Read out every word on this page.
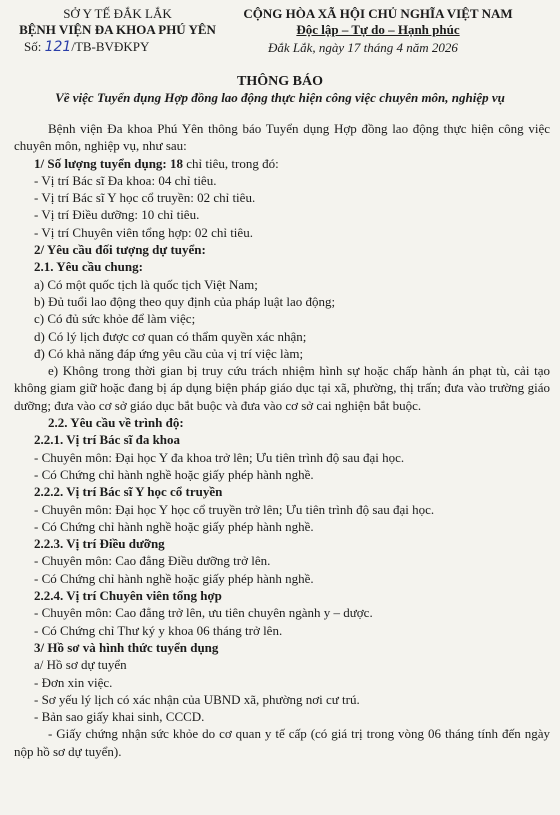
SỞ Y TẾ ĐẮK LẮK
BỆNH VIỆN ĐA KHOA PHÚ YÊN
Số: 121/TB-BVĐKPY
CỘNG HÒA XÃ HỘI CHỦ NGHĨA VIỆT NAM
Độc lập – Tự do – Hạnh phúc
Đắk Lắk, ngày 17 tháng 4 năm 2026
THÔNG BÁO
Về việc Tuyển dụng Hợp đồng lao động thực hiện công việc chuyên môn, nghiệp vụ

Bệnh viện Đa khoa Phú Yên thông báo Tuyển dụng Hợp đồng lao động thực hiện công việc chuyên môn, nghiệp vụ, như sau:

1/ Số lượng tuyển dụng: 18 chỉ tiêu, trong đó:

- Vị trí Bác sĩ Đa khoa: 04 chỉ tiêu.

- Vị trí Bác sĩ Y học cổ truyền: 02 chỉ tiêu.

- Vị trí Điều dưỡng: 10 chỉ tiêu.

- Vị trí Chuyên viên tổng hợp: 02 chỉ tiêu.

2/ Yêu cầu đối tượng dự tuyển:

2.1. Yêu cầu chung:

a) Có một quốc tịch là quốc tịch Việt Nam;

b) Đủ tuổi lao động theo quy định của pháp luật lao động;

c) Có đủ sức khỏe để làm việc;

d) Có lý lịch được cơ quan có thẩm quyền xác nhận;

đ) Có khả năng đáp ứng yêu cầu của vị trí việc làm;

e) Không trong thời gian bị truy cứu trách nhiệm hình sự hoặc chấp hành án phạt tù, cải tạo không giam giữ hoặc đang bị áp dụng biện pháp giáo dục tại xã, phường, thị trấn; đưa vào trường giáo dưỡng; đưa vào cơ sở giáo dục bắt buộc và đưa vào cơ sở cai nghiện bắt buộc.

2.2. Yêu cầu về trình độ:

2.2.1. Vị trí Bác sĩ đa khoa

- Chuyên môn: Đại học Y đa khoa trở lên; Ưu tiên trình độ sau đại học.

- Có Chứng chỉ hành nghề hoặc giấy phép hành nghề.

2.2.2. Vị trí Bác sĩ Y học cổ truyền

- Chuyên môn: Đại học Y học cổ truyền trở lên; Ưu tiên trình độ sau đại học.

- Có Chứng chỉ hành nghề hoặc giấy phép hành nghề.

2.2.3. Vị trí Điều dưỡng

- Chuyên môn: Cao đẳng Điều dưỡng trở lên.

- Có Chứng chỉ hành nghề hoặc giấy phép hành nghề.

2.2.4. Vị trí Chuyên viên tổng hợp

- Chuyên môn: Cao đẳng trở lên, ưu tiên chuyên ngành y – dược.

- Có Chứng chỉ Thư ký y khoa 06 tháng trở lên.

3/ Hồ sơ và hình thức tuyển dụng

a/ Hồ sơ dự tuyển

- Đơn xin việc.

- Sơ yếu lý lịch có xác nhận của UBND xã, phường nơi cư trú.

- Bản sao giấy khai sinh, CCCD.

- Giấy chứng nhận sức khỏe do cơ quan y tế cấp (có giá trị trong vòng 06 tháng tính đến ngày nộp hồ sơ dự tuyển).
